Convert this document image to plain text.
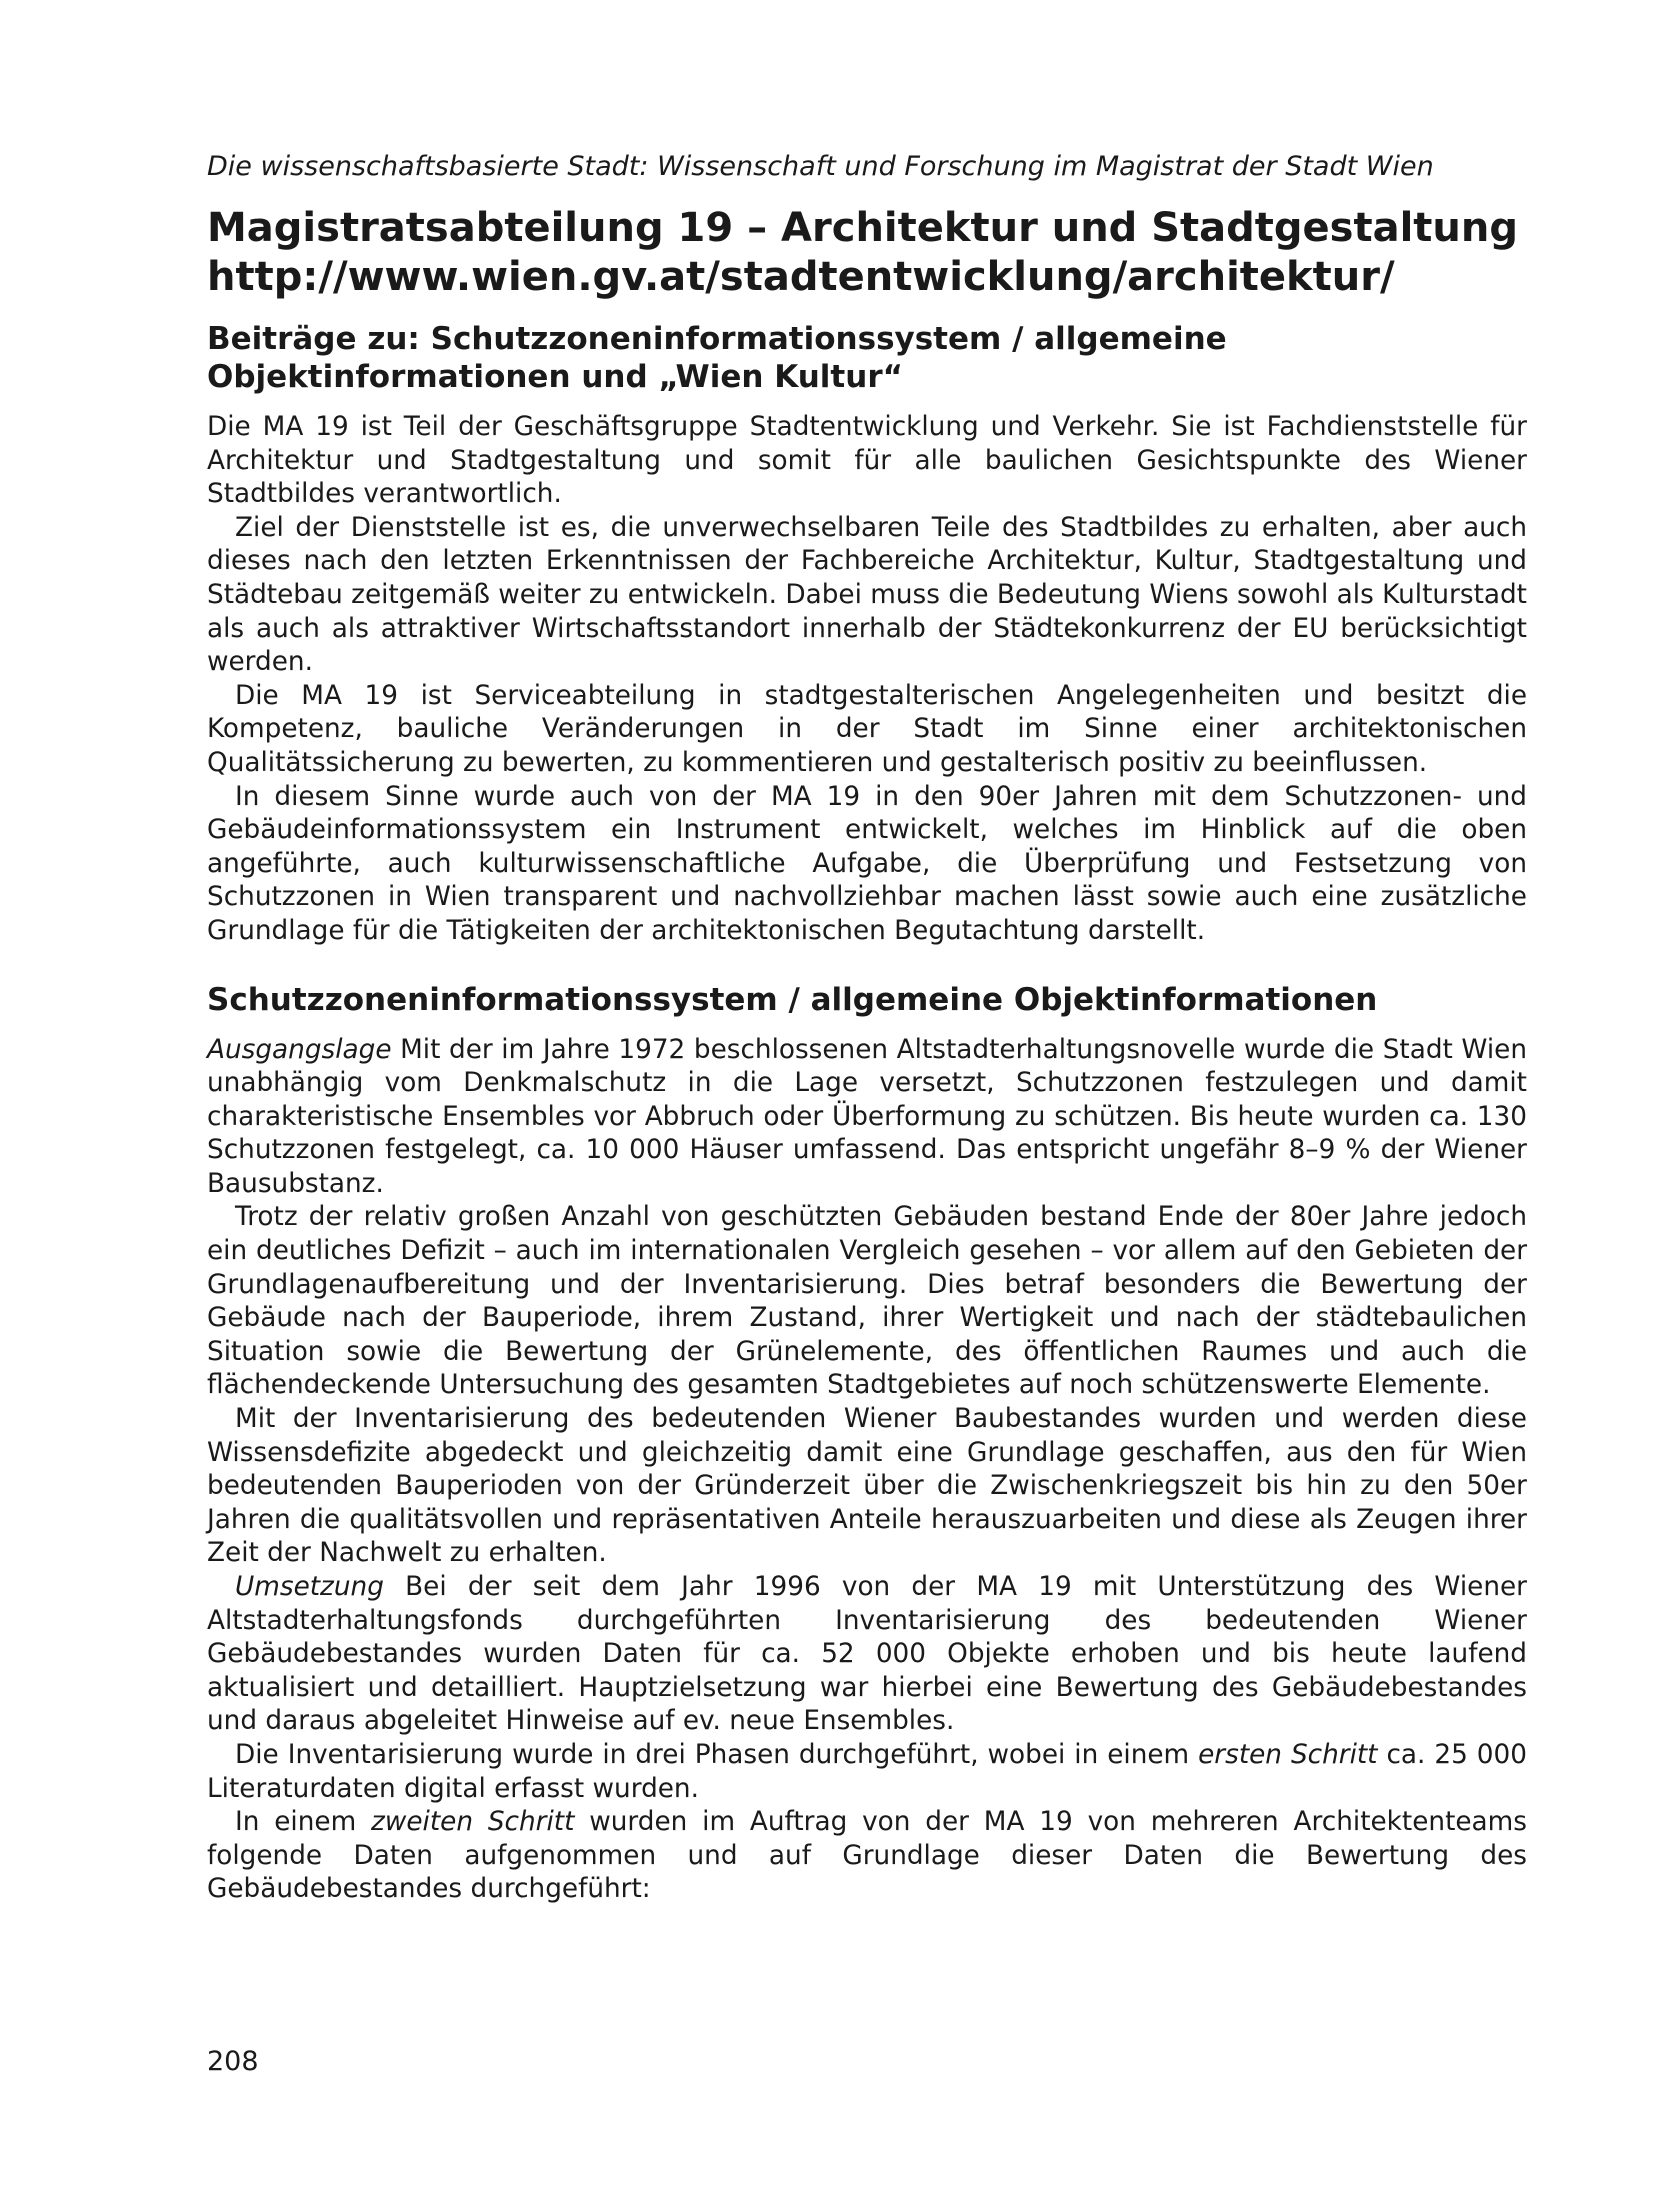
Die wissenschaftsbasierte Stadt: Wissenschaft und Forschung im Magistrat der Stadt Wien
Magistratsabteilung 19 – Architektur und Stadtgestaltung
http://www.wien.gv.at/stadtentwicklung/architektur/
Beiträge zu: Schutzzoneninformationssystem / allgemeine
Objektinformationen und „Wien Kultur“

Die MA 19 ist Teil der Geschäftsgruppe Stadtentwicklung und Verkehr. Sie ist Fachdienststelle für Architektur und Stadtgestaltung und somit für alle baulichen Gesichtspunkte des Wiener Stadtbildes verantwortlich.

Ziel der Dienststelle ist es, die unverwechselbaren Teile des Stadtbildes zu erhalten, aber auch dieses nach den letzten Erkenntnissen der Fachbereiche Architektur, Kultur, Stadtgestaltung und Städtebau zeitgemäß weiter zu entwickeln. Dabei muss die Bedeutung Wiens sowohl als Kulturstadt als auch als attraktiver Wirtschaftsstandort innerhalb der Städtekonkurrenz der EU berücksichtigt werden.

Die MA 19 ist Serviceabteilung in stadtgestalterischen Angelegenheiten und besitzt die Kompetenz, bauliche Veränderungen in der Stadt im Sinne einer architektonischen Qualitätssicherung zu bewerten, zu kommentieren und gestalterisch positiv zu beeinflussen.

In diesem Sinne wurde auch von der MA 19 in den 90er Jahren mit dem Schutzzonen- und Gebäudeinformationssystem ein Instrument entwickelt, welches im Hinblick auf die oben angeführte, auch kulturwissenschaftliche Aufgabe, die Überprüfung und Festsetzung von Schutzzonen in Wien transparent und nachvollziehbar machen lässt sowie auch eine zusätzliche Grundlage für die Tätigkeiten der architektonischen Begutachtung darstellt.

Schutzzoneninformationssystem / allgemeine Objektinformationen

Ausgangslage Mit der im Jahre 1972 beschlossenen Altstadterhaltungsnovelle wurde die Stadt Wien unabhängig vom Denkmalschutz in die Lage versetzt, Schutzzonen festzulegen und damit charakteristische Ensembles vor Abbruch oder Überformung zu schützen. Bis heute wurden ca. 130 Schutzzonen festgelegt, ca. 10 000 Häuser umfassend. Das entspricht ungefähr 8–9 % der Wiener Bausubstanz.

Trotz der relativ großen Anzahl von geschützten Gebäuden bestand Ende der 80er Jahre jedoch ein deutliches Defizit – auch im internationalen Vergleich gesehen – vor allem auf den Gebieten der Grundlagenaufbereitung und der Inventarisierung. Dies betraf besonders die Bewertung der Gebäude nach der Bauperiode, ihrem Zustand, ihrer Wertigkeit und nach der städtebaulichen Situation sowie die Bewertung der Grünelemente, des öffentlichen Raumes und auch die flächendeckende Untersuchung des gesamten Stadtgebietes auf noch schützenswerte Elemente.

Mit der Inventarisierung des bedeutenden Wiener Baubestandes wurden und werden diese Wissensdefizite abgedeckt und gleichzeitig damit eine Grundlage geschaffen, aus den für Wien bedeutenden Bauperioden von der Gründerzeit über die Zwischenkriegszeit bis hin zu den 50er Jahren die qualitätsvollen und repräsentativen Anteile herauszuarbeiten und diese als Zeugen ihrer Zeit der Nachwelt zu erhalten.

Umsetzung Bei der seit dem Jahr 1996 von der MA 19 mit Unterstützung des Wiener Altstadterhaltungsfonds durchgeführten Inventarisierung des bedeutenden Wiener Gebäudebestandes wurden Daten für ca. 52 000 Objekte erhoben und bis heute laufend aktualisiert und detailliert. Hauptzielsetzung war hierbei eine Bewertung des Gebäudebestandes und daraus abgeleitet Hinweise auf ev. neue Ensembles.

Die Inventarisierung wurde in drei Phasen durchgeführt, wobei in einem ersten Schritt ca. 25 000 Literaturdaten digital erfasst wurden.

In einem zweiten Schritt wurden im Auftrag von der MA 19 von mehreren Architektenteams folgende Daten aufgenommen und auf Grundlage dieser Daten die Bewertung des Gebäudebestandes durchgeführt:

208
